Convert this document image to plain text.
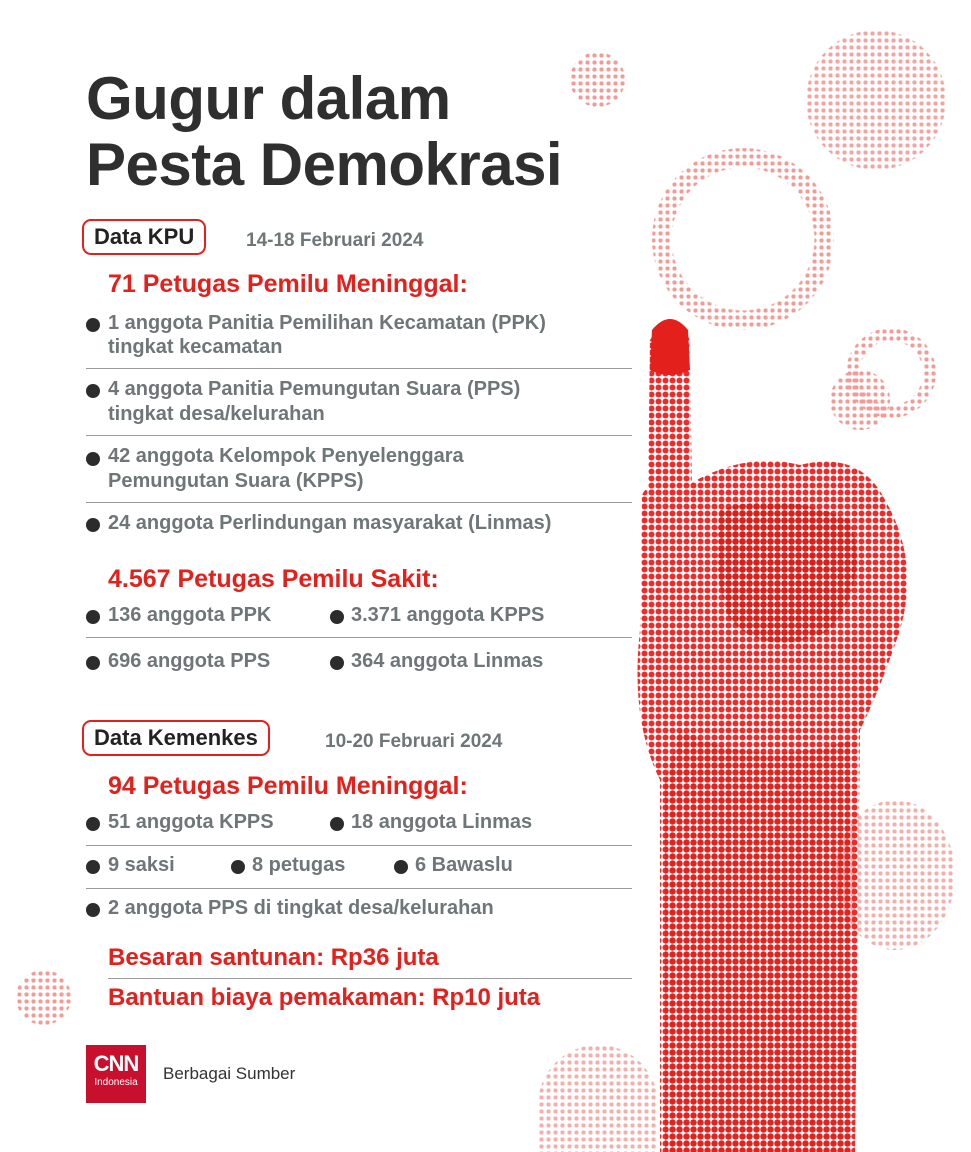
Gugur dalam
Pesta Demokrasi
Data KPU	14-18 Februari 2024
71 Petugas Pemilu Meninggal:
1 anggota Panitia Pemilihan Kecamatan (PPK)
tingkat kecamatan
4 anggota Panitia Pemungutan Suara (PPS)
tingkat desa/kelurahan
42 anggota Kelompok Penyelenggara
Pemungutan Suara (KPPS)
24 anggota Perlindungan masyarakat (Linmas)
4.567 Petugas Pemilu Sakit:
136 anggota PPK	3.371 anggota KPPS
696 anggota PPS	364 anggota Linmas
Data Kemenkes	10-20 Februari 2024
94 Petugas Pemilu Meninggal:
51 anggota KPPS	18 anggota Linmas
9 saksi	8 petugas	6 Bawaslu
2 anggota PPS di tingkat desa/kelurahan
Besaran santunan: Rp36 juta
Bantuan biaya pemakaman: Rp10 juta
CNN
Indonesia	Berbagai Sumber
